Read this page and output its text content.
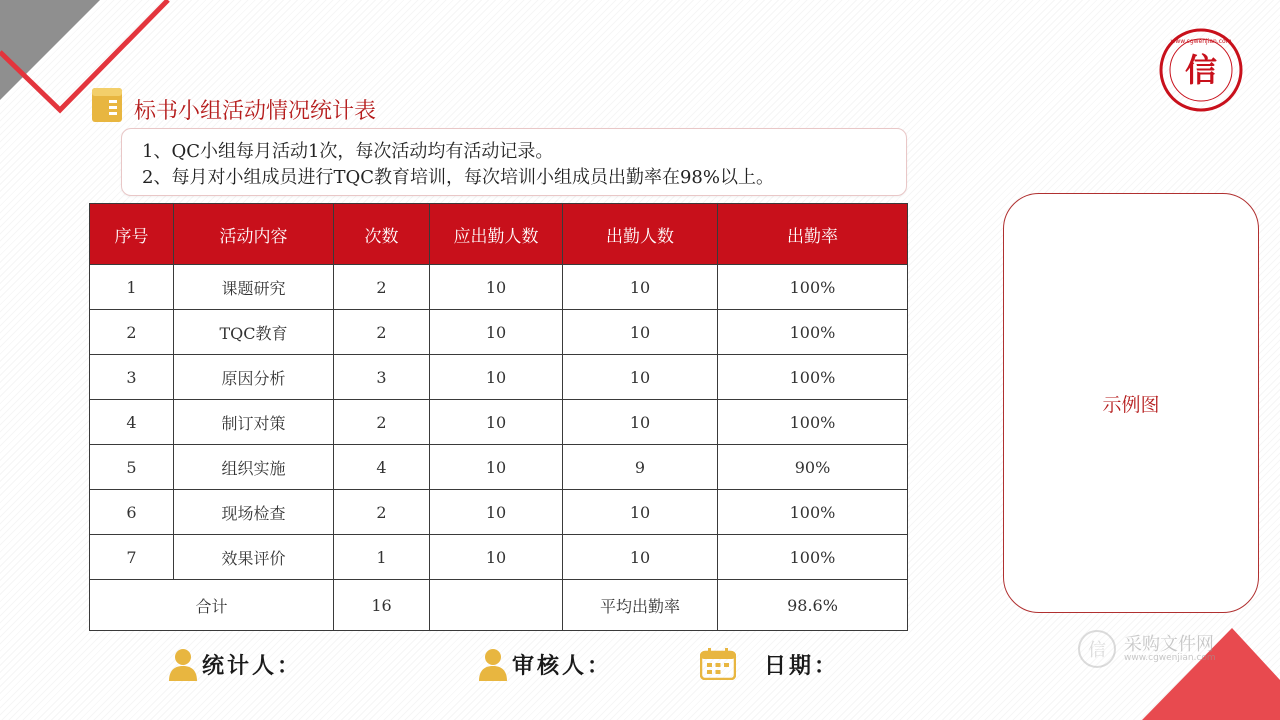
信
www.cgwenjian.com
标书小组活动情况统计表
1、QC小组每月活动1次，每次活动均有活动记录。
2、每月对小组成员进行TQC教育培训，每次培训小组成员出勤率在98%以上。
序号	活动内容	次数	应出勤人数	出勤人数	出勤率
1	课题研究	2	10	10	100%
2	TQC教育	2	10	10	100%
3	原因分析	3	10	10	100%
4	制订对策	2	10	10	100%
5	组织实施	4	10	9	90%
6	现场检查	2	10	10	100%
7	效果评价	1	10	10	100%
合计		16		平均出勤率	98.6%
示例图
统计人：	审核人：	日期：
信 采购文件网
www.cgwenjian.com
